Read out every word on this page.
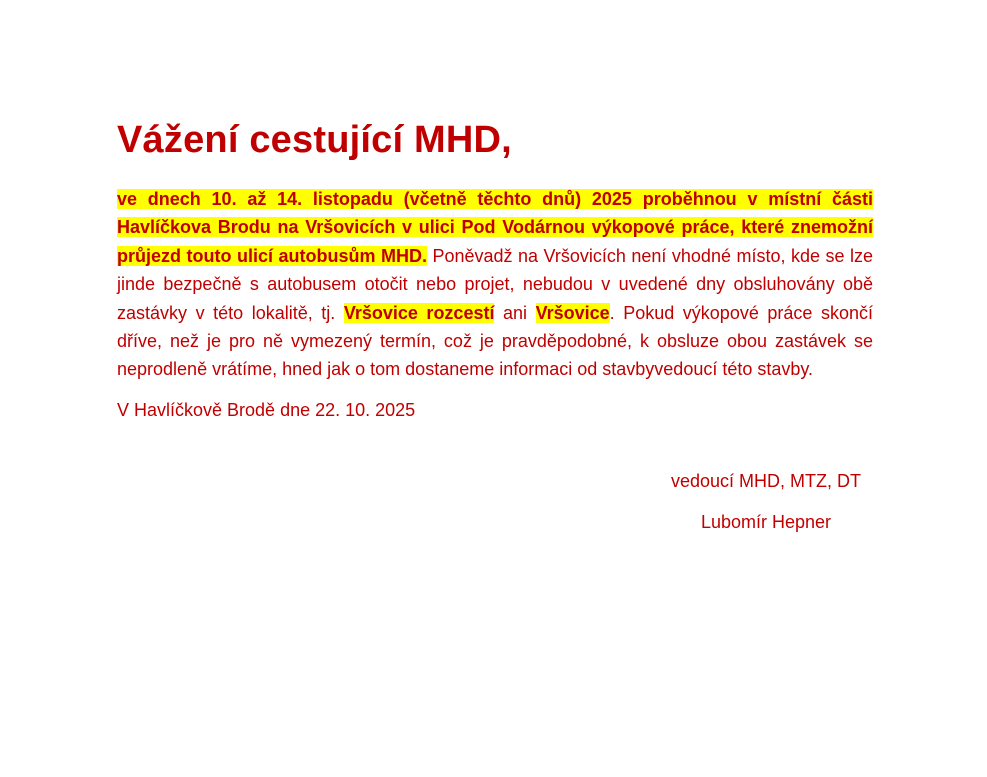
Vážení cestující MHD,

ve dnech 10. až 14. listopadu (včetně těchto dnů) 2025 proběhnou v místní části Havlíčkova Brodu na Vršovicích v ulici Pod Vodárnou výkopové práce, které znemožní průjezd touto ulicí autobusům MHD. Poněvadž na Vršovicích není vhodné místo, kde se lze jinde bezpečně s autobusem otočit nebo projet, nebudou v uvedené dny obsluhovány obě zastávky v této lokalitě, tj. Vršovice rozcestí ani Vršovice. Pokud výkopové práce skončí dříve, než je pro ně vymezený termín, což je pravděpodobné, k obsluze obou zastávek se neprodleně vrátíme, hned jak o tom dostaneme informaci od stavbyvedoucí této stavby.

V Havlíčkově Brodě dne 22. 10. 2025

vedoucí MHD, MTZ, DT
Lubomír Hepner
